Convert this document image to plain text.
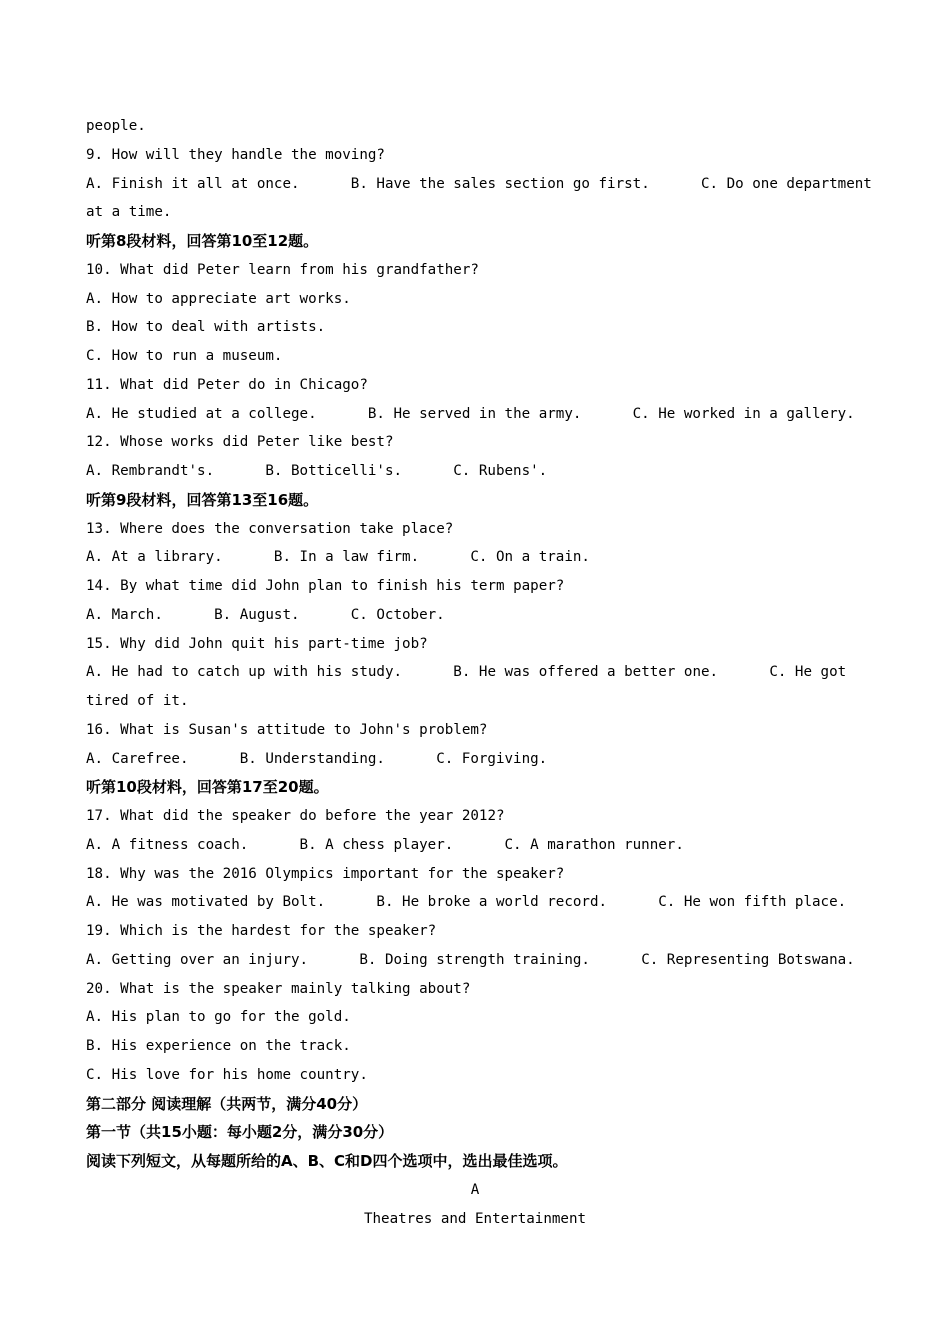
people.
9. How will they handle the moving?
A. Finish it all at once.	B. Have the sales section go first.	C. Do one department
at a time.
听第8段材料，回答第10至12题。
10. What did Peter learn from his grandfather?
A. How to appreciate art works.
B. How to deal with artists.
C. How to run a museum.
11. What did Peter do in Chicago?
A. He studied at a college.	B. He served in the army.	C. He worked in a gallery.
12. Whose works did Peter like best?
A. Rembrandt's.	B. Botticelli's.	C. Rubens'.
听第9段材料，回答第13至16题。
13. Where does the conversation take place?
A. At a library.	B. In a law firm.	C. On a train.
14. By what time did John plan to finish his term paper?
A. March.	B. August.	C. October.
15. Why did John quit his part-time job?
A. He had to catch up with his study.	B. He was offered a better one.	C. He got
tired of it.
16. What is Susan's attitude to John's problem?
A. Carefree.	B. Understanding.	C. Forgiving.
听第10段材料，回答第17至20题。
17. What did the speaker do before the year 2012?
A. A fitness coach.	B. A chess player.	C. A marathon runner.
18. Why was the 2016 Olympics important for the speaker?
A. He was motivated by Bolt.	B. He broke a world record.	C. He won fifth place.
19. Which is the hardest for the speaker?
A. Getting over an injury.	B. Doing strength training.	C. Representing Botswana.
20. What is the speaker mainly talking about?
A. His plan to go for the gold.
B. His experience on the track.
C. His love for his home country.
第二部分 阅读理解（共两节，满分40分）
第一节（共15小题：每小题2分，满分30分）
阅读下列短文，从每题所给的A、B、C和D四个选项中，选出最佳选项。
A
Theatres and Entertainment
